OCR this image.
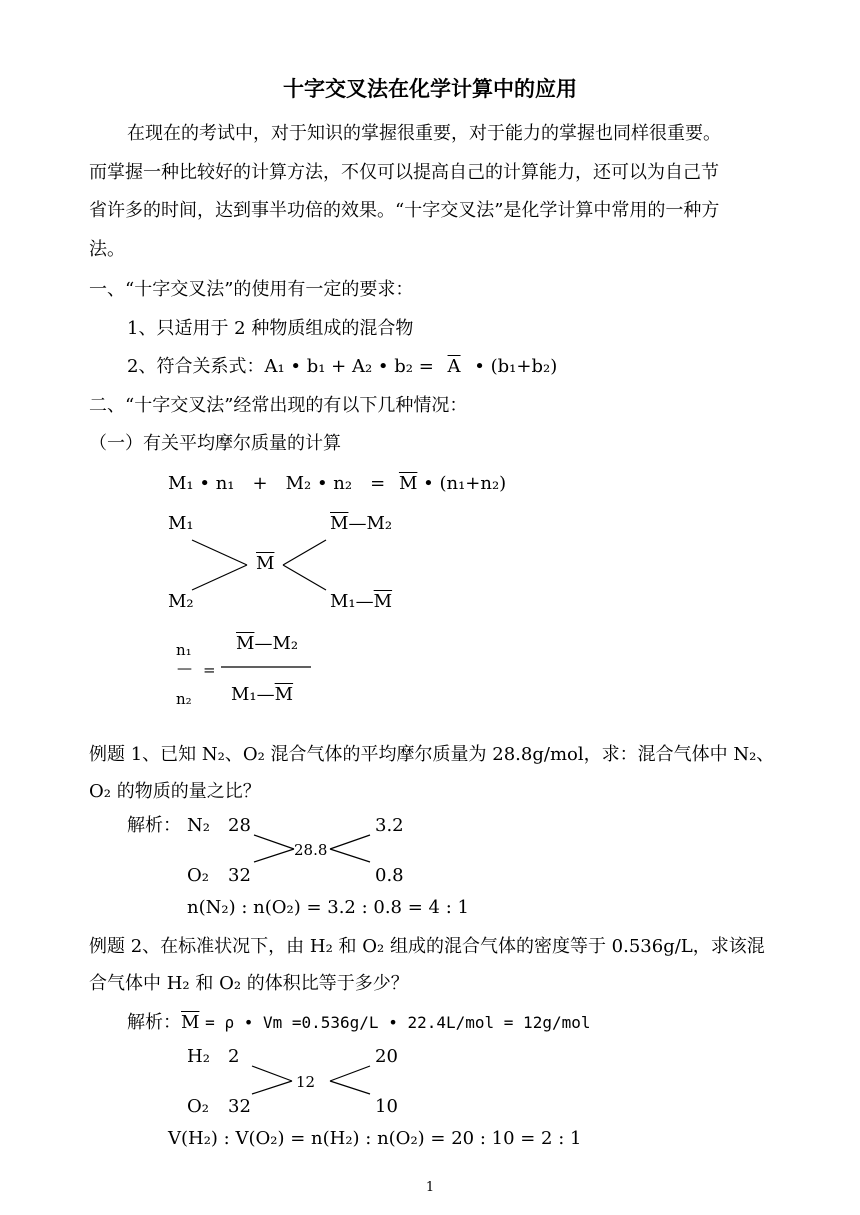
十字交叉法在化学计算中的应用
在现在的考试中，对于知识的掌握很重要，对于能力的掌握也同样很重要。
而掌握一种比较好的计算方法，不仅可以提高自己的计算能力，还可以为自己节
省许多的时间，达到事半功倍的效果。“十字交叉法”是化学计算中常用的一种方
法。
一、“十字交叉法”的使用有一定的要求：
1、只适用于 2 种物质组成的混合物
2、符合关系式：A₁ • b₁ + A₂ • $b_2 = \overline{A}$ • (b₁+b₂)
二、“十字交叉法”经常出现的有以下几种情况：
（一）有关平均摩尔质量的计算
M₁ • n₁　+　M₂ • n₂　= $\overline{M}$ • (n₁+n₂)
M₁
M₂
$\overline{M}$
$\overline{M}—M_2$
$M_1—\overline{M}$
n₁
— =
n₂
$\overline{M}—M_2$
$M_1—\overline{M}$
例题 1、已知 N₂、O₂ 混合气体的平均摩尔质量为 28.8g/mol，求：混合气体中 N₂、
O₂ 的物质的量之比？
解析： N₂ 28	3.2
28.8
O₂ 32	0.8
n(N₂) : n(O₂) = 3.2 : 0.8 = 4 : 1
例题 2、在标准状况下，由 H₂ 和 O₂ 组成的混合气体的密度等于 0.536g/L，求该混
合气体中 H₂ 和 O₂ 的体积比等于多少？
解析：$\overline{M} = \rho$ • Vm =0.536g/L • 22.4L/mol = 12g/mol
H₂ 2	20
12
O₂ 32	10
V(H₂) : V(O₂) = n(H₂) : n(O₂) = 20 : 10 = 2 : 1
1
